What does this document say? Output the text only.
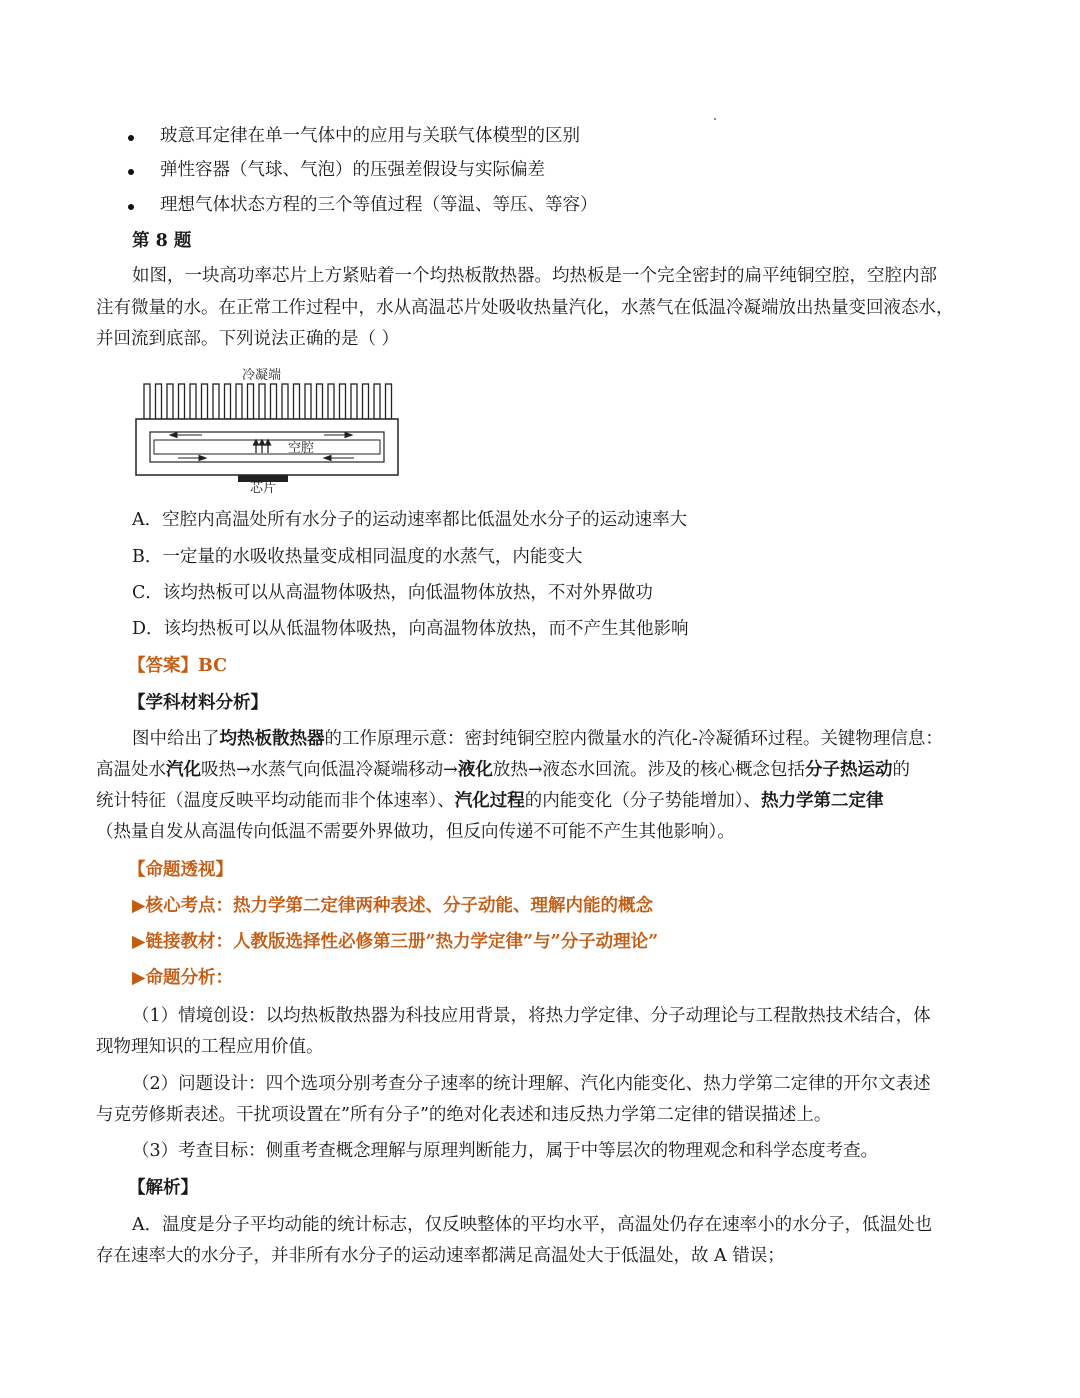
玻意耳定律在单一气体中的应用与关联气体模型的区别
弹性容器（气球、气泡）的压强差假设与实际偏差
理想气体状态方程的三个等值过程（等温、等压、等容）
第 8 题
如图，一块高功率芯片上方紧贴着一个均热板散热器。均热板是一个完全密封的扁平纯铜空腔，空腔内部
注有微量的水。在正常工作过程中，水从高温芯片处吸收热量汽化，水蒸气在低温冷凝端放出热量变回液态水，
并回流到底部。下列说法正确的是（ ）
空腔
冷凝端
芯片
A．空腔内高温处所有水分子的运动速率都比低温处水分子的运动速率大
B．一定量的水吸收热量变成相同温度的水蒸气，内能变大
C．该均热板可以从高温物体吸热，向低温物体放热，不对外界做功
D．该均热板可以从低温物体吸热，向高温物体放热，而不产生其他影响
【答案】BC
【学科材料分析】
图中给出了均热板散热器的工作原理示意：密封纯铜空腔内微量水的汽化-冷凝循环过程。关键物理信息：
高温处水汽化吸热→水蒸气向低温冷凝端移动→液化放热→液态水回流。涉及的核心概念包括分子热运动的
统计特征（温度反映平均动能而非个体速率）、汽化过程的内能变化（分子势能增加）、热力学第二定律
（热量自发从高温传向低温不需要外界做功，但反向传递不可能不产生其他影响）。
【命题透视】
▶核心考点：热力学第二定律两种表述、分子动能、理解内能的概念
▶链接教材：人教版选择性必修第三册”热力学定律”与”分子动理论”
▶命题分析：
（1）情境创设：以均热板散热器为科技应用背景，将热力学定律、分子动理论与工程散热技术结合，体
现物理知识的工程应用价值。
（2）问题设计：四个选项分别考查分子速率的统计理解、汽化内能变化、热力学第二定律的开尔文表述
与克劳修斯表述。干扰项设置在”所有分子”的绝对化表述和违反热力学第二定律的错误描述上。
（3）考查目标：侧重考查概念理解与原理判断能力，属于中等层次的物理观念和科学态度考查。
【解析】
A．温度是分子平均动能的统计标志，仅反映整体的平均水平，高温处仍存在速率小的水分子，低温处也
存在速率大的水分子，并非所有水分子的运动速率都满足高温处大于低温处，故 A 错误；
